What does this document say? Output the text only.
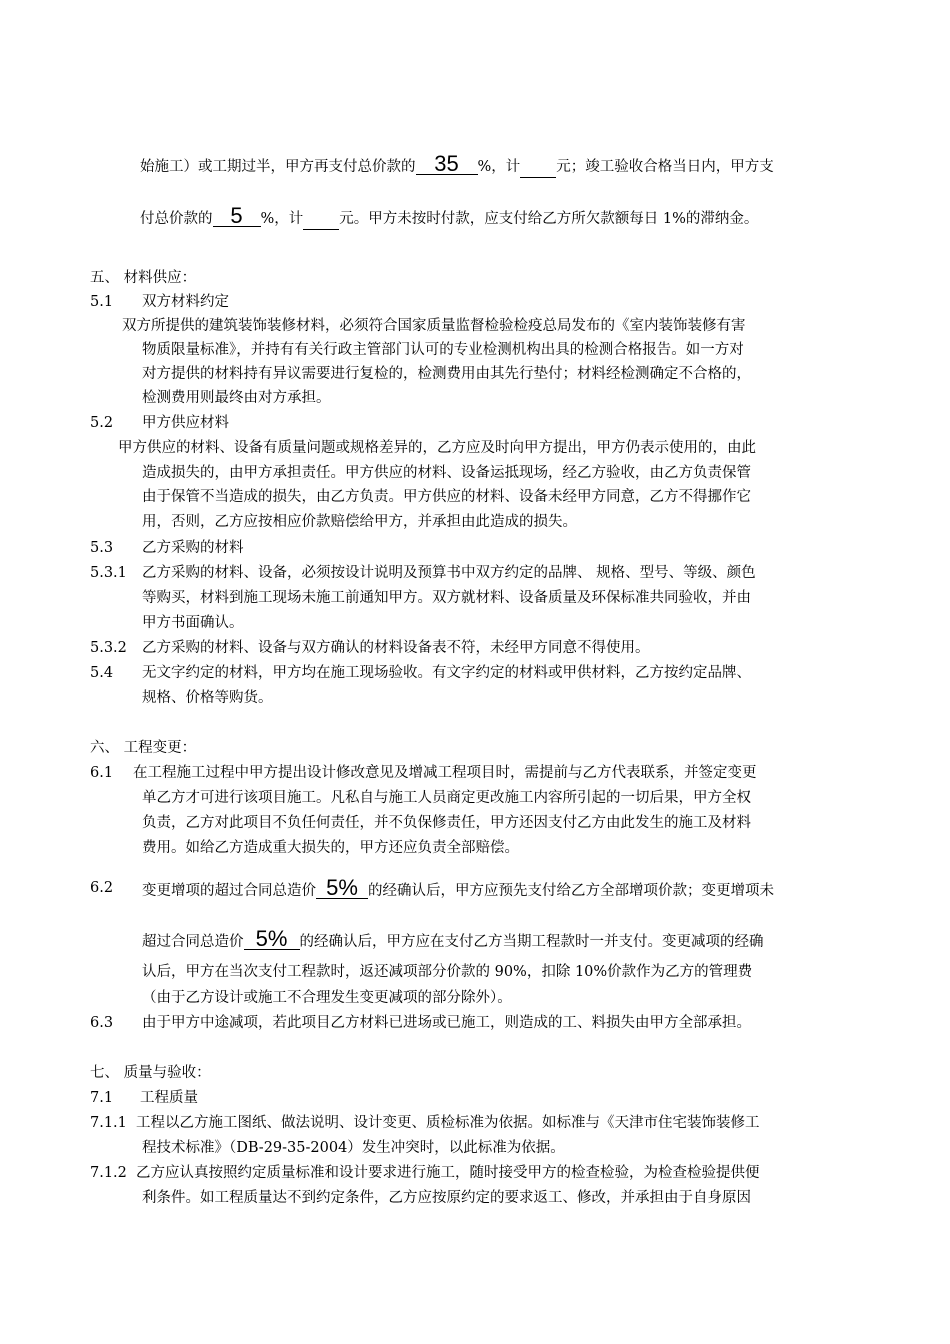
始施工）或工期过半，甲方再支付总价款的 35 %，计 元；竣工验收合格当日内，甲方支
付总价款的 5 %，计 元。甲方未按时付款，应支付给乙方所欠款额每日 1%的滞纳金。
五、 材料供应：
5.1 双方材料约定
双方所提供的建筑装饰装修材料，必须符合国家质量监督检验检疫总局发布的《室内装饰装修有害
物质限量标准》，并持有有关行政主管部门认可的专业检测机构出具的检测合格报告。如一方对
对方提供的材料持有异议需要进行复检的，检测费用由其先行垫付；材料经检测确定不合格的，
检测费用则最终由对方承担。
5.2 甲方供应材料
甲方供应的材料、设备有质量问题或规格差异的，乙方应及时向甲方提出，甲方仍表示使用的，由此
造成损失的，由甲方承担责任。甲方供应的材料、设备运抵现场，经乙方验收，由乙方负责保管
由于保管不当造成的损失，由乙方负责。甲方供应的材料、设备未经甲方同意，乙方不得挪作它
用，否则，乙方应按相应价款赔偿给甲方，并承担由此造成的损失。
5.3 乙方采购的材料
5.3.1 乙方采购的材料、设备，必须按设计说明及预算书中双方约定的品牌、 规格、型号、等级、颜色
等购买，材料到施工现场未施工前通知甲方。双方就材料、设备质量及环保标准共同验收，并由
甲方书面确认。
5.3.2 乙方采购的材料、设备与双方确认的材料设备表不符，未经甲方同意不得使用。
5.4 无文字约定的材料，甲方均在施工现场验收。有文字约定的材料或甲供材料，乙方按约定品牌、
规格、价格等购货。
六、 工程变更：
6.1 在工程施工过程中甲方提出设计修改意见及增减工程项目时，需提前与乙方代表联系，并签定变更
单乙方才可进行该项目施工。凡私自与施工人员商定更改施工内容所引起的一切后果，甲方全权
负责，乙方对此项目不负任何责任，并不负保修责任，甲方还因支付乙方由此发生的施工及材料
费用。如给乙方造成重大损失的，甲方还应负责全部赔偿。
6.2 变更增项的超过合同总造价 5% 的经确认后，甲方应预先支付给乙方全部增项价款；变更增项未
超过合同总造价 5% 的经确认后，甲方应在支付乙方当期工程款时一并支付。变更减项的经确
认后，甲方在当次支付工程款时，返还减项部分价款的 90%，扣除 10%价款作为乙方的管理费
（由于乙方设计或施工不合理发生变更减项的部分除外）。
6.3 由于甲方中途减项，若此项目乙方材料已进场或已施工，则造成的工、料损失由甲方全部承担。
七、 质量与验收：
7.1 工程质量
7.1.1 工程以乙方施工图纸、做法说明、设计变更、质检标准为依据。如标准与《天津市住宅装饰装修工
程技术标准》（DB-29-35-2004）发生冲突时，以此标准为依据。
7.1.2 乙方应认真按照约定质量标准和设计要求进行施工，随时接受甲方的检查检验，为检查检验提供便
利条件。如工程质量达不到约定条件，乙方应按原约定的要求返工、修改，并承担由于自身原因
